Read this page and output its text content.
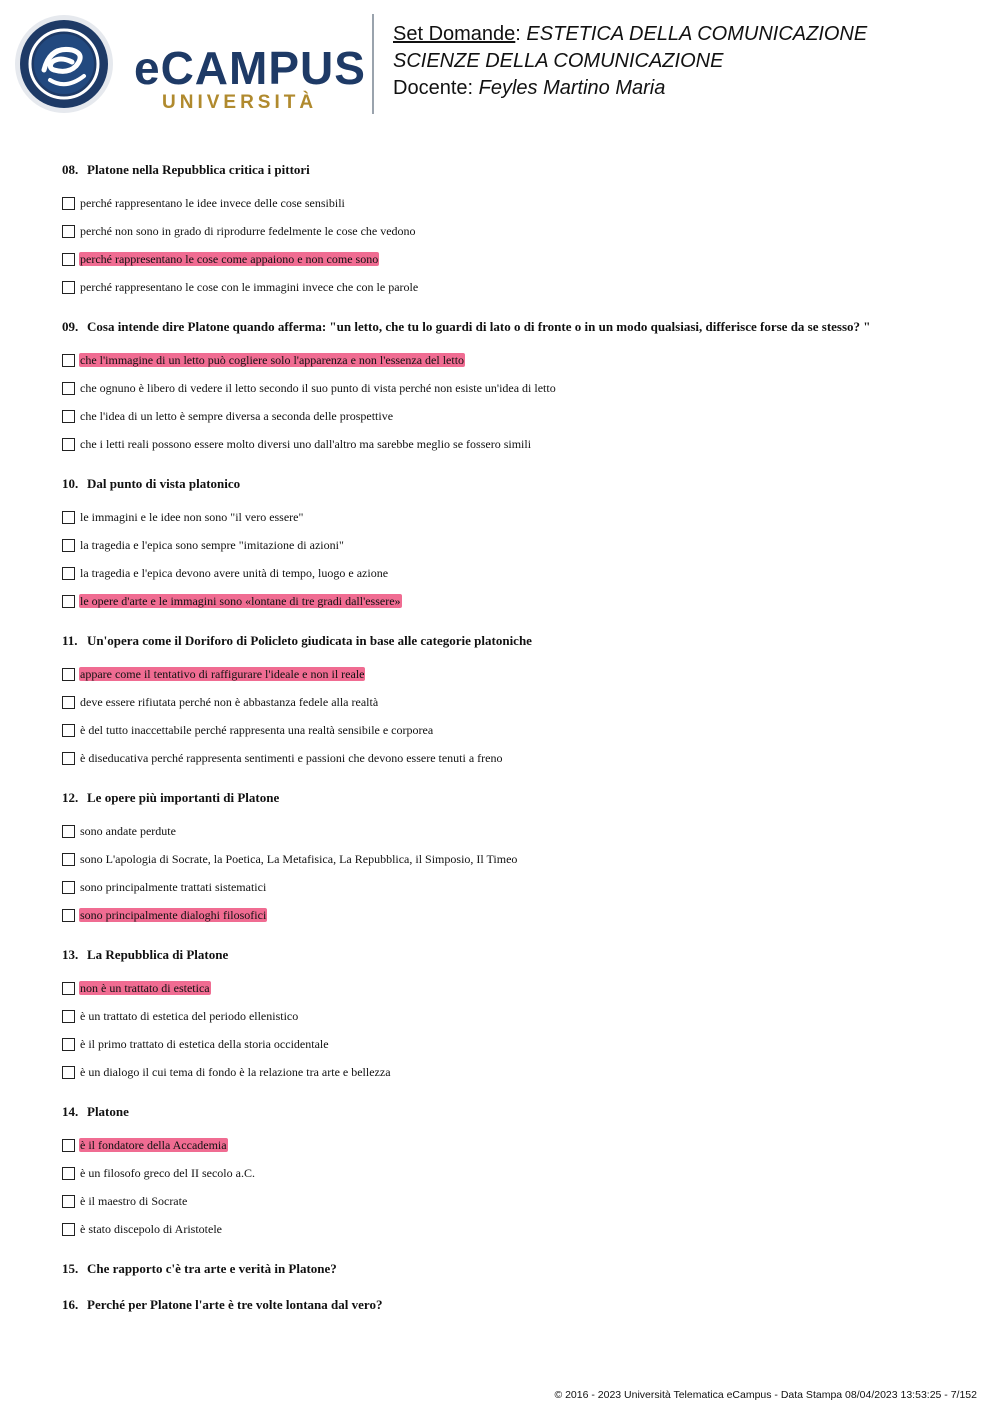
eCAMPUS
UNIVERSITÀ
Set Domande: ESTETICA DELLA COMUNICAZIONE
SCIENZE DELLA COMUNICAZIONE
Docente: Feyles Martino Maria
08. Platone nella Repubblica critica i pittori
perché rappresentano le idee invece delle cose sensibili
perché non sono in grado di riprodurre fedelmente le cose che vedono
perché rappresentano le cose come appaiono e non come sono
perché rappresentano le cose con le immagini invece che con le parole
09. Cosa intende dire Platone quando afferma: "un letto, che tu lo guardi di lato o di fronte o in un modo qualsiasi, differisce forse da se stesso? "
che l'immagine di un letto può cogliere solo l'apparenza e non l'essenza del letto
che ognuno è libero di vedere il letto secondo il suo punto di vista perché non esiste un'idea di letto
che l'idea di un letto è sempre diversa a seconda delle prospettive
che i letti reali possono essere molto diversi uno dall'altro ma sarebbe meglio se fossero simili
10. Dal punto di vista platonico
le immagini e le idee non sono "il vero essere"
la tragedia e l'epica sono sempre "imitazione di azioni"
la tragedia e l'epica devono avere unità di tempo, luogo e azione
le opere d'arte e le immagini sono «lontane di tre gradi dall'essere»
11. Un'opera come il Doriforo di Policleto giudicata in base alle categorie platoniche
appare come il tentativo di raffigurare l'ideale e non il reale
deve essere rifiutata perché non è abbastanza fedele alla realtà
è del tutto inaccettabile perché rappresenta una realtà sensibile e corporea
è diseducativa perché rappresenta sentimenti e passioni che devono essere tenuti a freno
12. Le opere più importanti di Platone
sono andate perdute
sono L'apologia di Socrate, la Poetica, La Metafisica, La Repubblica, il Simposio, Il Timeo
sono principalmente trattati sistematici
sono principalmente dialoghi filosofici
13. La Repubblica di Platone
non è un trattato di estetica
è un trattato di estetica del periodo ellenistico
è il primo trattato di estetica della storia occidentale
è un dialogo il cui tema di fondo è la relazione tra arte e bellezza
14. Platone
è il fondatore della Accademia
è un filosofo greco del II secolo a.C.
è il maestro di Socrate
è stato discepolo di Aristotele
15. Che rapporto c'è tra arte e verità in Platone?
16. Perché per Platone l'arte è tre volte lontana dal vero?
© 2016 - 2023 Università Telematica eCampus - Data Stampa 08/04/2023 13:53:25 - 7/152
